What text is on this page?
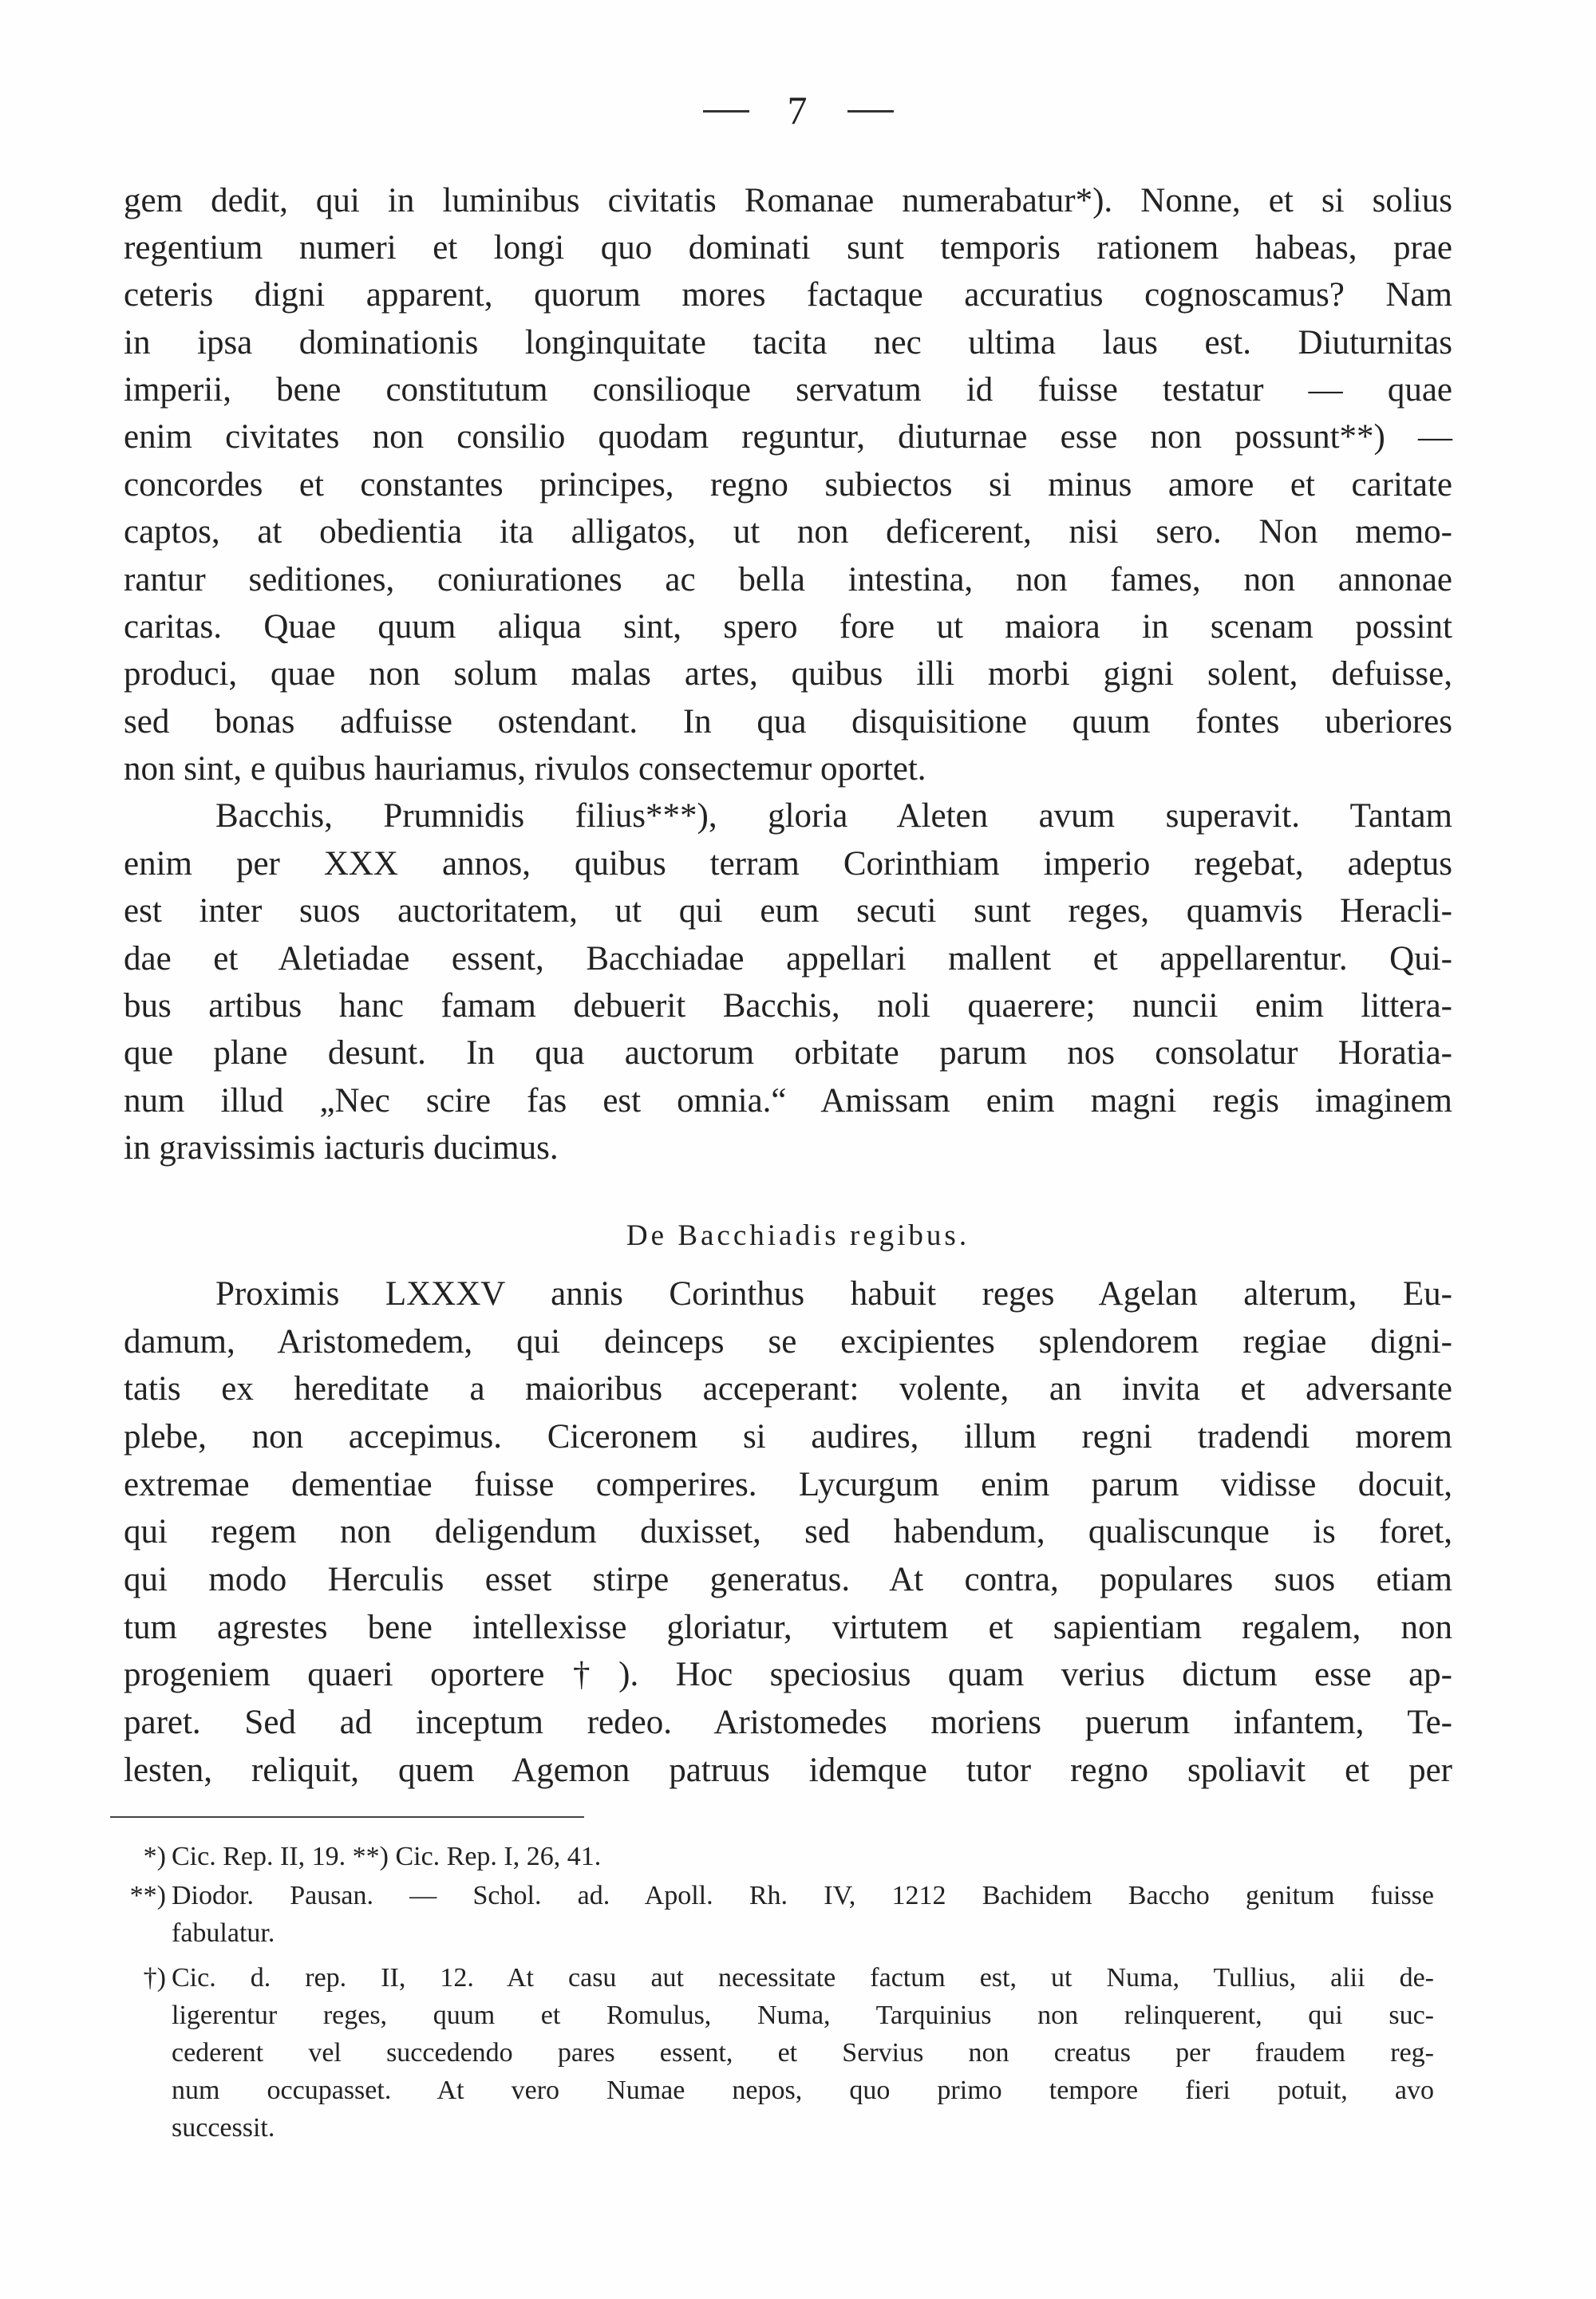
7
gem dedit, qui in luminibus civitatis Romanae numerabatur*). Nonne, et si solius
regentium numeri et longi quo dominati sunt temporis rationem habeas, prae
ceteris digni apparent, quorum mores factaque accuratius cognoscamus? Nam
in ipsa dominationis longinquitate tacita nec ultima laus est. Diuturnitas
imperii, bene constitutum consilioque servatum id fuisse testatur — quae
enim civitates non consilio quodam reguntur, diuturnae esse non possunt**) —
concordes et constantes principes, regno subiectos si minus amore et caritate
captos, at obedientia ita alligatos, ut non deficerent, nisi sero. Non memo-
rantur seditiones, coniurationes ac bella intestina, non fames, non annonae
caritas. Quae quum aliqua sint, spero fore ut maiora in scenam possint
produci, quae non solum malas artes, quibus illi morbi gigni solent, defuisse,
sed bonas adfuisse ostendant. In qua disquisitione quum fontes uberiores
non sint, e quibus hauriamus, rivulos consectemur oportet.
Bacchis, Prumnidis filius***), gloria Aleten avum superavit. Tantam
enim per XXX annos, quibus terram Corinthiam imperio regebat, adeptus
est inter suos auctoritatem, ut qui eum secuti sunt reges, quamvis Heracli-
dae et Aletiadae essent, Bacchiadae appellari mallent et appellarentur. Qui-
bus artibus hanc famam debuerit Bacchis, noli quaerere; nuncii enim littera-
que plane desunt. In qua auctorum orbitate parum nos consolatur Horatia-
num illud „Nec scire fas est omnia.“ Amissam enim magni regis imaginem
in gravissimis iacturis ducimus.
De Bacchiadis regibus.
Proximis LXXXV annis Corinthus habuit reges Agelan alterum, Eu-
damum, Aristomedem, qui deinceps se excipientes splendorem regiae digni-
tatis ex hereditate a maioribus acceperant: volente, an invita et adversante
plebe, non accepimus. Ciceronem si audires, illum regni tradendi morem
extremae dementiae fuisse comperires. Lycurgum enim parum vidisse docuit,
qui regem non deligendum duxisset, sed habendum, qualiscunque is foret,
qui modo Herculis esset stirpe generatus. At contra, populares suos etiam
tum agrestes bene intellexisse gloriatur, virtutem et sapientiam regalem, non
progeniem quaeri oportere†). Hoc speciosius quam verius dictum esse ap-
paret. Sed ad inceptum redeo. Aristomedes moriens puerum infantem, Te-
lesten, reliquit, quem Agemon patruus idemque tutor regno spoliavit et per
*) Cic. Rep. II, 19. **) Cic. Rep. I, 26, 41.
**) Diodor. Pausan. — Schol. ad. Apoll. Rh. IV, 1212 Bachidem Baccho genitum fuisse
fabulatur.
†) Cic. d. rep. II, 12. At casu aut necessitate factum est, ut Numa, Tullius, alii de-
ligerentur reges, quum et Romulus, Numa, Tarquinius non relinquerent, qui suc-
cederent vel succedendo pares essent, et Servius non creatus per fraudem reg-
num occupasset. At vero Numae nepos, quo primo tempore fieri potuit, avo
successit.
